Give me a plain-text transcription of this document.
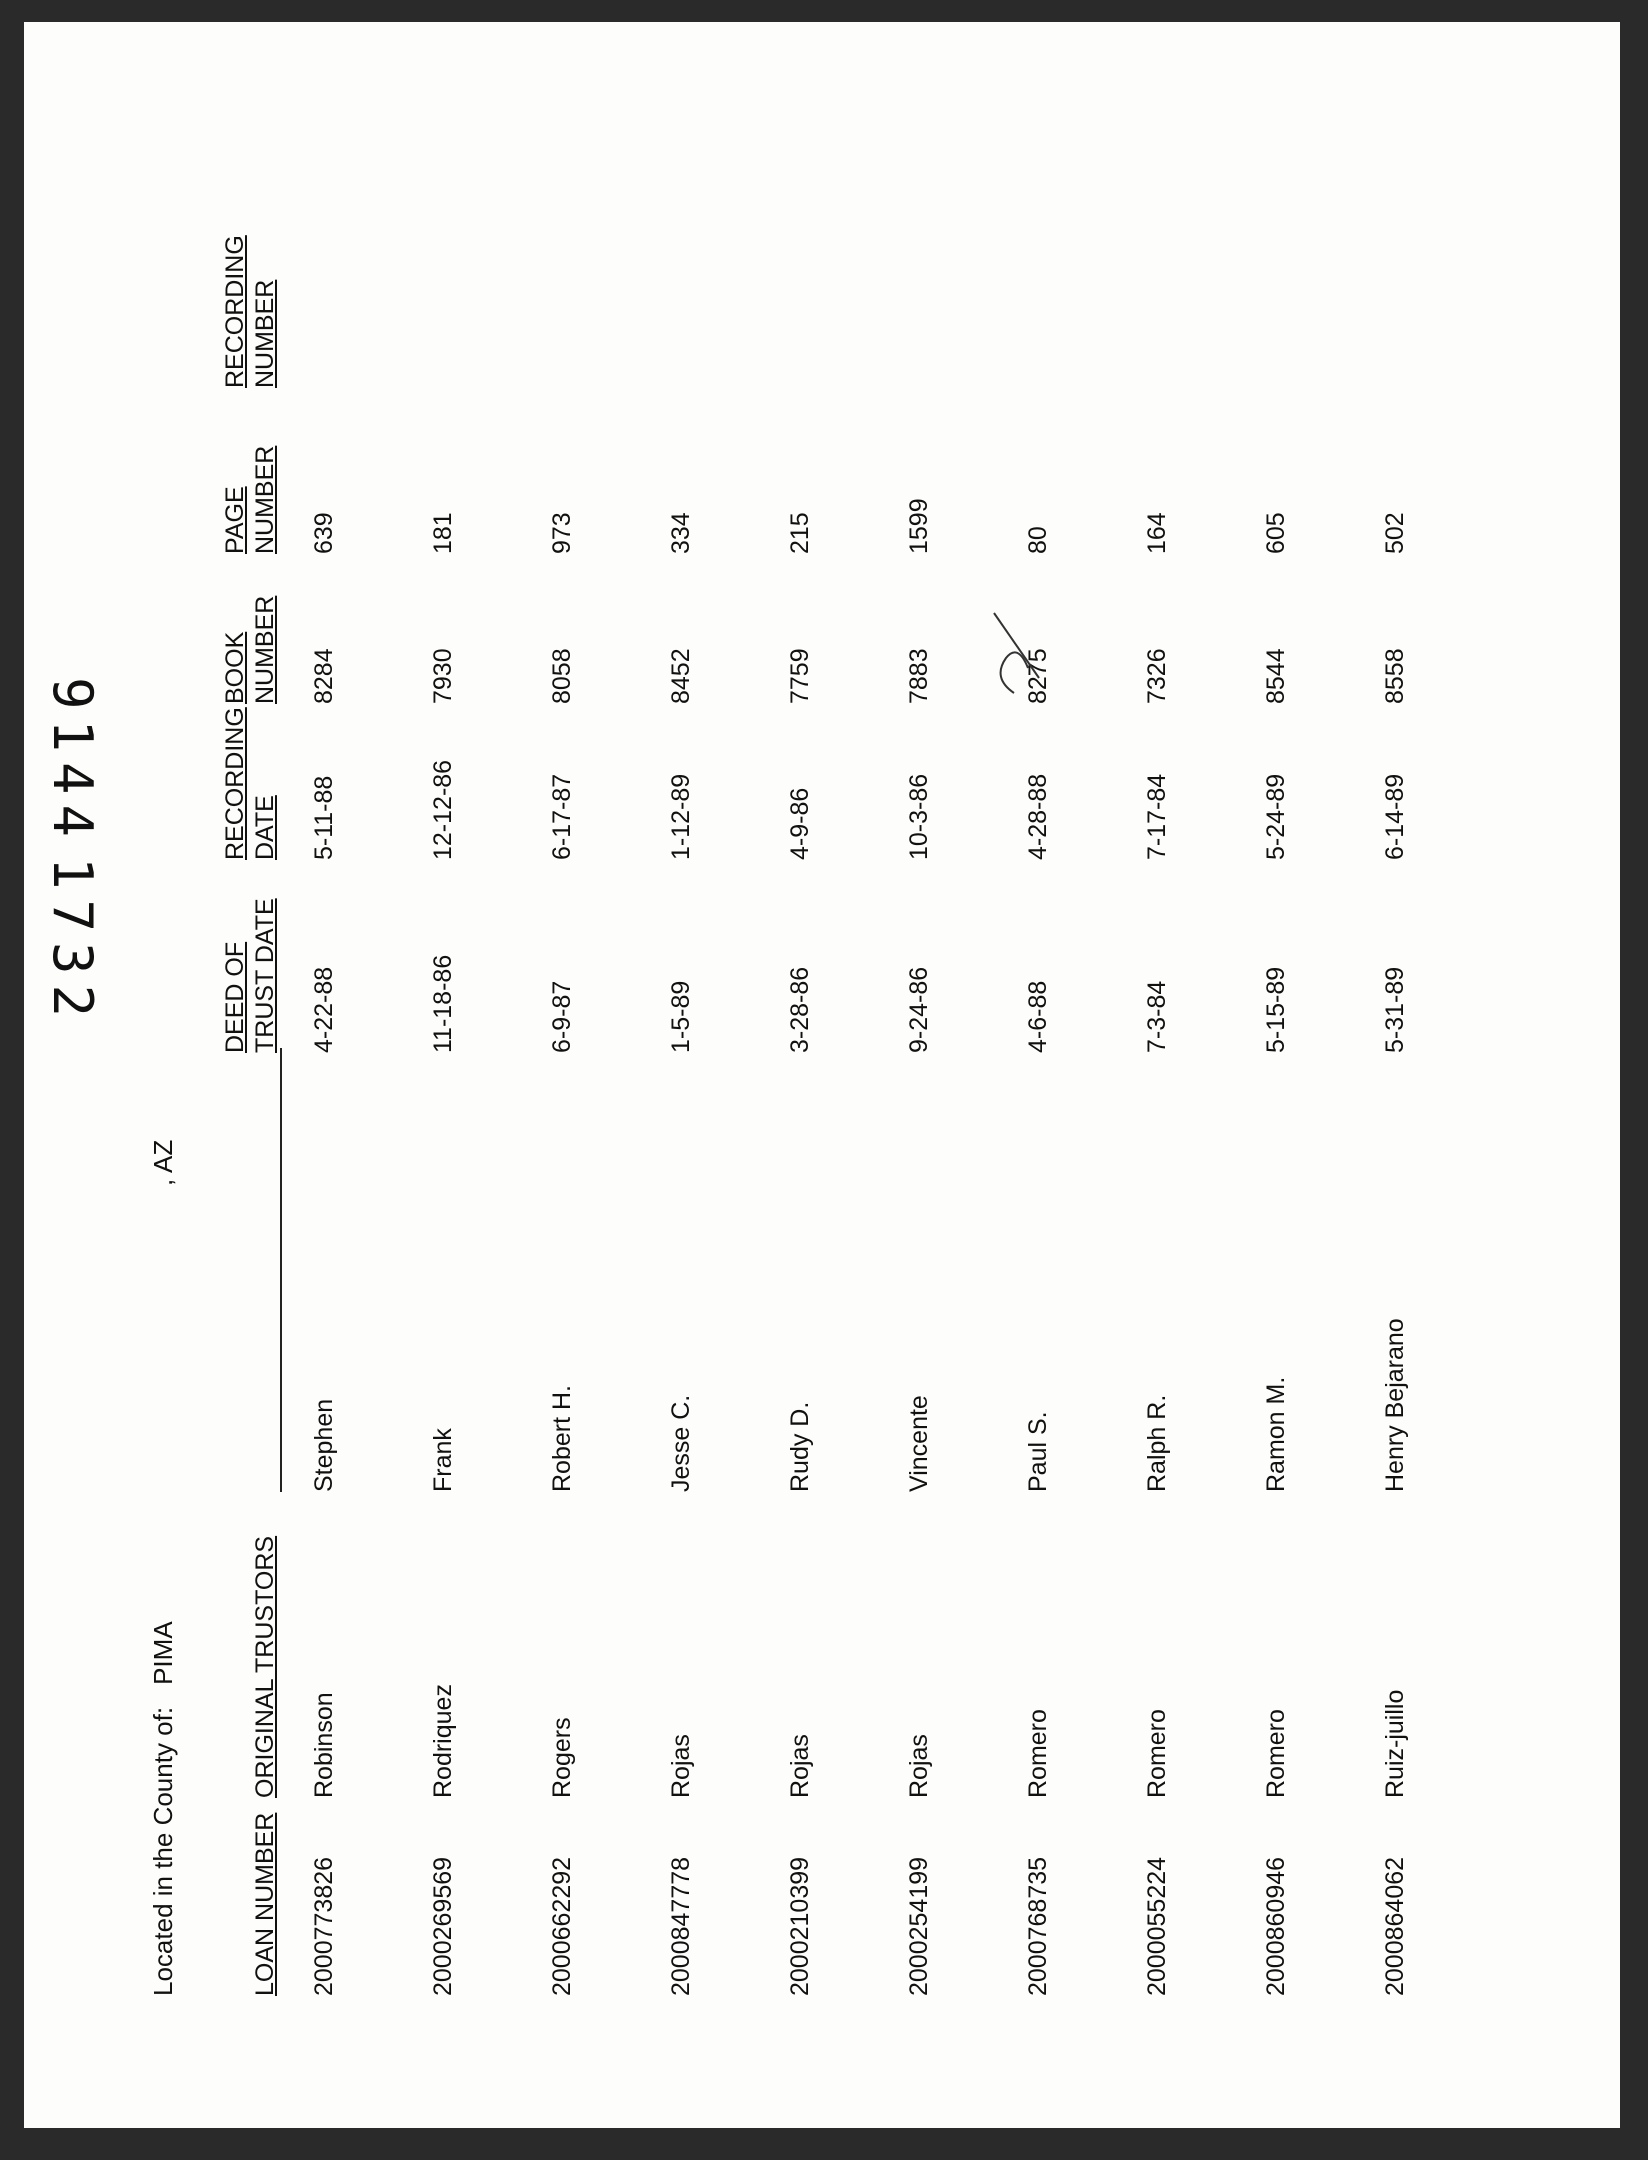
Located in the County of:PIMA
, AZ
LOAN NUMBER
ORIGINAL TRUSTORS
DEED OF TRUST DATE
RECORDING DATE
BOOK NUMBER
PAGE NUMBER
RECORDING NUMBER
2000773826
Robinson
Stephen
4-22-88
5-11-88
8284
639
2000269569
Rodriquez
Frank
11-18-86
12-12-86
7930
181
2000662292
Rogers
Robert H.
6-9-87
6-17-87
8058
973
2000847778
Rojas
Jesse C.
1-5-89
1-12-89
8452
334
2000210399
Rojas
Rudy D.
3-28-86
4-9-86
7759
215
2000254199
Rojas
Vincente
9-24-86
10-3-86
7883
1599
2000768735
Romero
Paul S.
4-6-88
4-28-88
8275
80
2000055224
Romero
Ralph R.
7-3-84
7-17-84
7326
164
2000860946
Romero
Ramon M.
5-15-89
5-24-89
8544
605
2000864062
Ruiz-juillo
Henry Bejarano
5-31-89
6-14-89
8558
502
9144
1732
